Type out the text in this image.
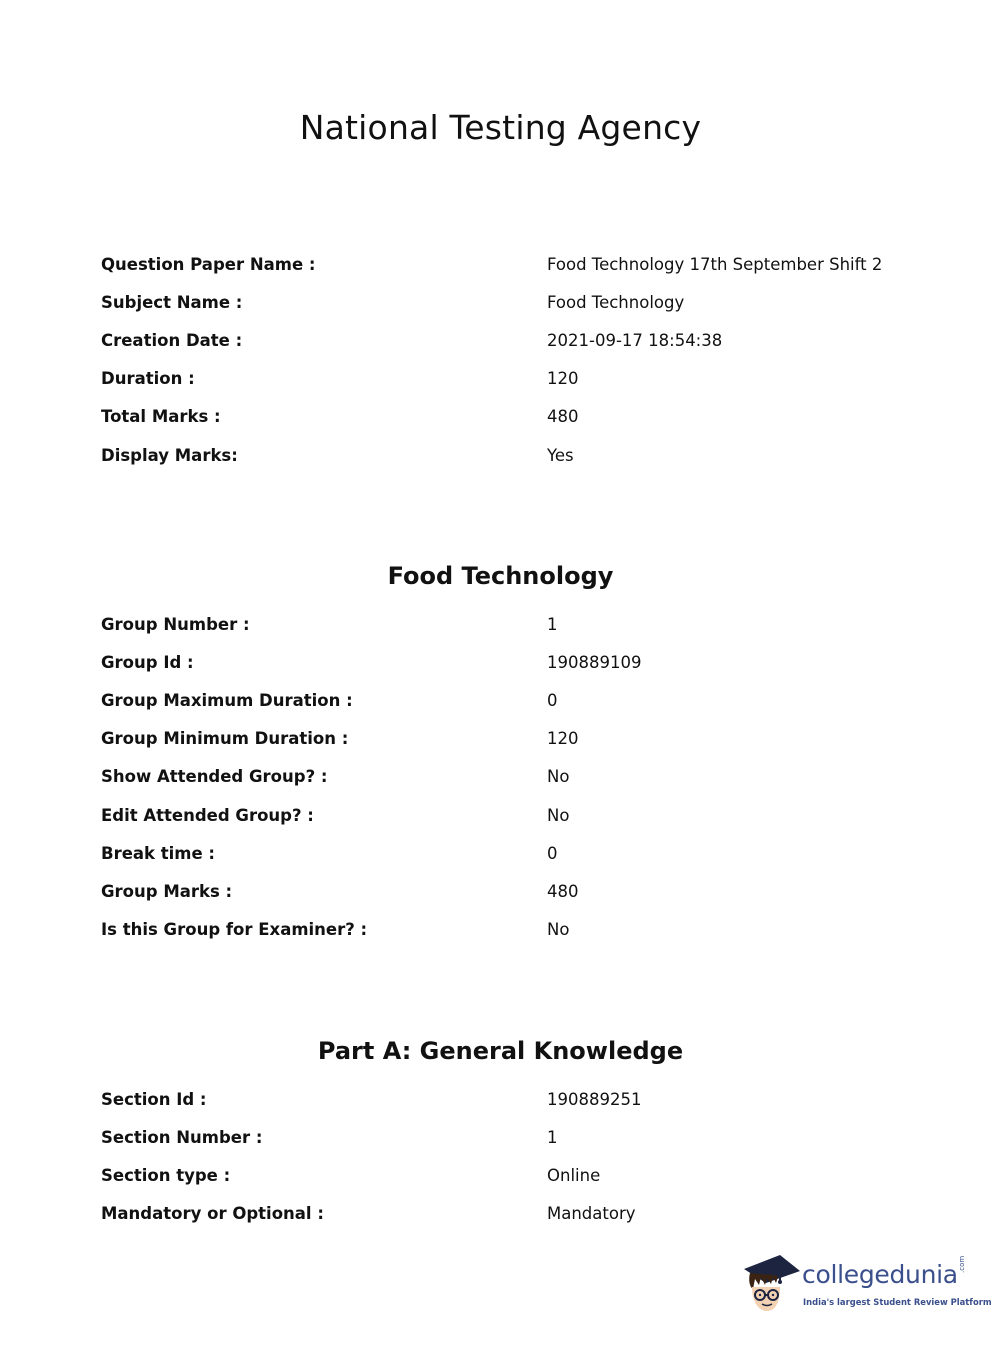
National Testing Agency
Question Paper Name :	Food Technology 17th September Shift 2
Subject Name :	Food Technology
Creation Date :	2021-09-17 18:54:38
Duration :	120
Total Marks :	480
Display Marks:	Yes
Food Technology
Group Number :	1
Group Id :	190889109
Group Maximum Duration :	0
Group Minimum Duration :	120
Show Attended Group? :	No
Edit Attended Group? :	No
Break time :	0
Group Marks :	480
Is this Group for Examiner? :	No
Part A: General Knowledge
Section Id :	190889251
Section Number :	1
Section type :	Online
Mandatory or Optional :	Mandatory
collegedunia .com
India's largest Student Review Platform
